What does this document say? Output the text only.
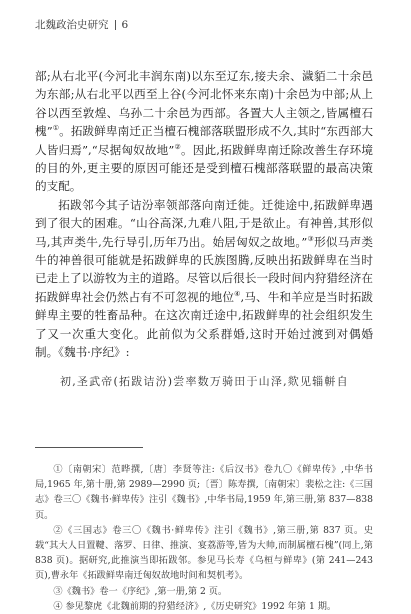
北魏政治史研究 6

部;从右北平(今河北丰润东南)以东至辽东,接夫余、濊貊二十余邑为东部;从右北平以西至上谷(今河北怀来东南)十余邑为中部;从上谷以西至敦煌、乌孙二十余邑为西部。各置大人主领之,皆属檀石槐”①。拓跋鲜卑南迁正当檀石槐部落联盟形成不久,其时“东西部大人皆归焉”,“尽据匈奴故地”②。因此,拓跋鲜卑南迁除改善生存环境的目的外,更主要的原因可能还是受到檀石槐部落联盟的最高决策的支配。

拓跋邻今其子诘汾率领部落向南迁徙。迁徙途中,拓跋鲜卑遇到了很大的困难。“山谷高深,九难八阻,于是欲止。有神兽,其形似马,其声类牛,先行导引,历年乃出。始居匈奴之故地。”③形似马声类牛的神兽很可能就是拓跋鲜卑的氏族图腾,反映出拓跋鲜卑在当时已走上了以游牧为主的道路。尽管以后很长一段时间内狩猎经济在拓跋鲜卑社会仍然占有不可忽视的地位④,马、牛和羊应是当时拓跋鲜卑主要的牲畜品种。在这次南迁途中,拓跋鲜卑的社会组织发生了又一次重大变化。此前似为父系群婚,这时开始过渡到对偶婚制。《魏书·序纪》:

初,圣武帝(拓跋诘汾)尝率数万骑田于山泽,欻见辎軿自

①〔南朝宋〕范晔撰,〔唐〕李贤等注:《后汉书》卷九〇《鲜卑传》,中华书局,1965 年,第十册,第 2989—2990 页;〔晋〕陈寿撰,〔南朝宋〕裴松之注:《三国志》卷三〇《魏书·鲜卑传》注引《魏书》,中华书局,1959 年,第三册,第 837—838 页。

②《三国志》卷三〇《魏书·鲜卑传》注引《魏书》,第三册,第 837 页。史载“其大人日置鞬、落罗、日律、推演、宴荔游等,皆为大帅,而制属檀石槐”(同上,第 838 页)。据研究,此推演当即拓跋邻。参见马长寿《乌桓与鲜卑》(第 241—243 页),曹永年《拓跋鲜卑南迁匈奴故地时间和契机考》。

③《魏书》卷一《序纪》,第一册,第 2 页。

④ 参见黎虎《北魏前期的狩猎经济》,《历史研究》1992 年第 1 期。
